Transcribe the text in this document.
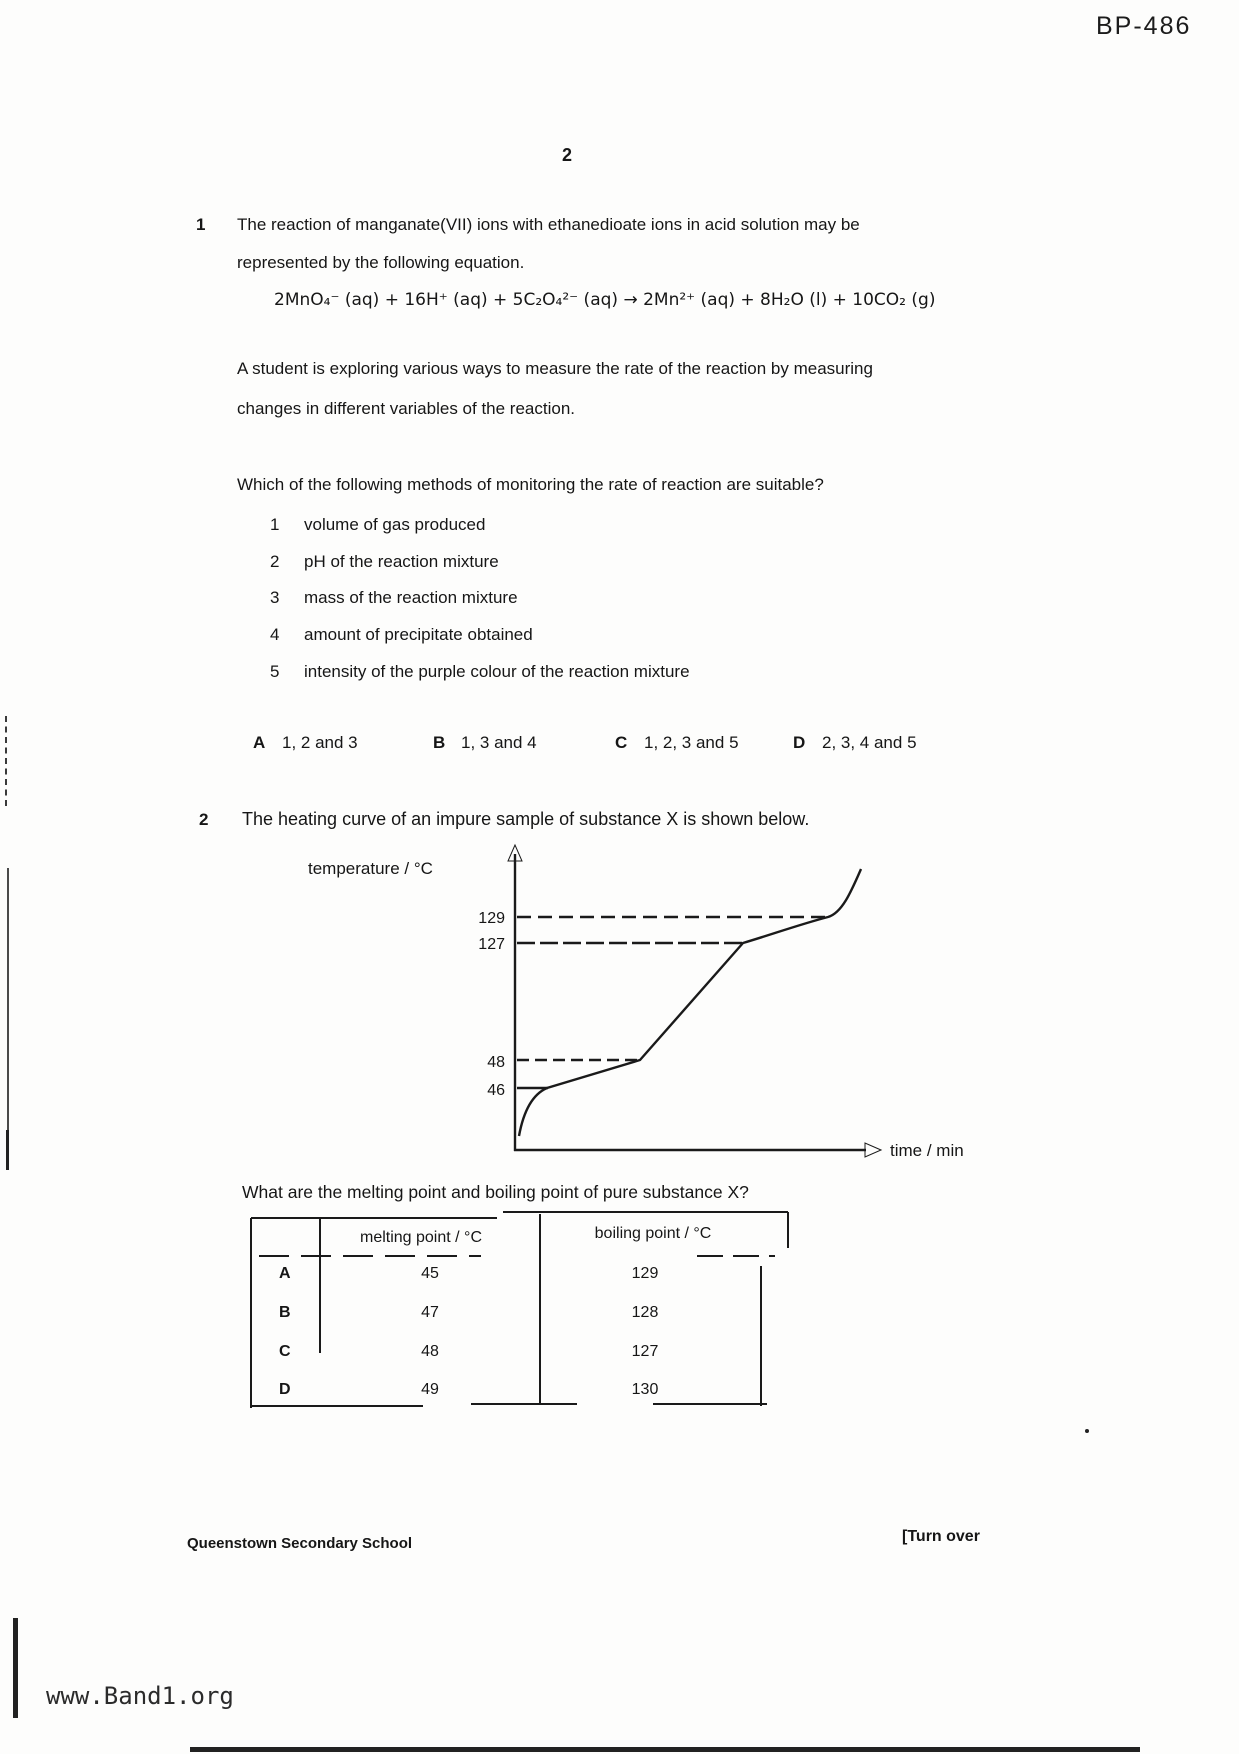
BP-486
2
1 The reaction of manganate(VII) ions with ethanedioate ions in acid solution may be
represented by the following equation.
2MnO₄⁻ (aq) + 16H⁺ (aq) + 5C₂O₄²⁻ (aq) → 2Mn²⁺ (aq) + 8H₂O (l) + 10CO₂ (g)
A student is exploring various ways to measure the rate of the reaction by measuring
changes in different variables of the reaction.
Which of the following methods of monitoring the rate of reaction are suitable?
1 volume of gas produced
2 pH of the reaction mixture
3 mass of the reaction mixture
4 amount of precipitate obtained
5 intensity of the purple colour of the reaction mixture
A 1, 2 and 3	B 1, 3 and 4	C 1, 2, 3 and 5	D 2, 3, 4 and 5
2 The heating curve of an impure sample of substance X is shown below.
temperature / °C
129
127
48
46
time / min
What are the melting point and boiling point of pure substance X?
melting point / °C	boiling point / °C
A	45	129
B	47	128
C	48	127
D	49	130
Queenstown Secondary School	[Turn over
www.Band1.org
